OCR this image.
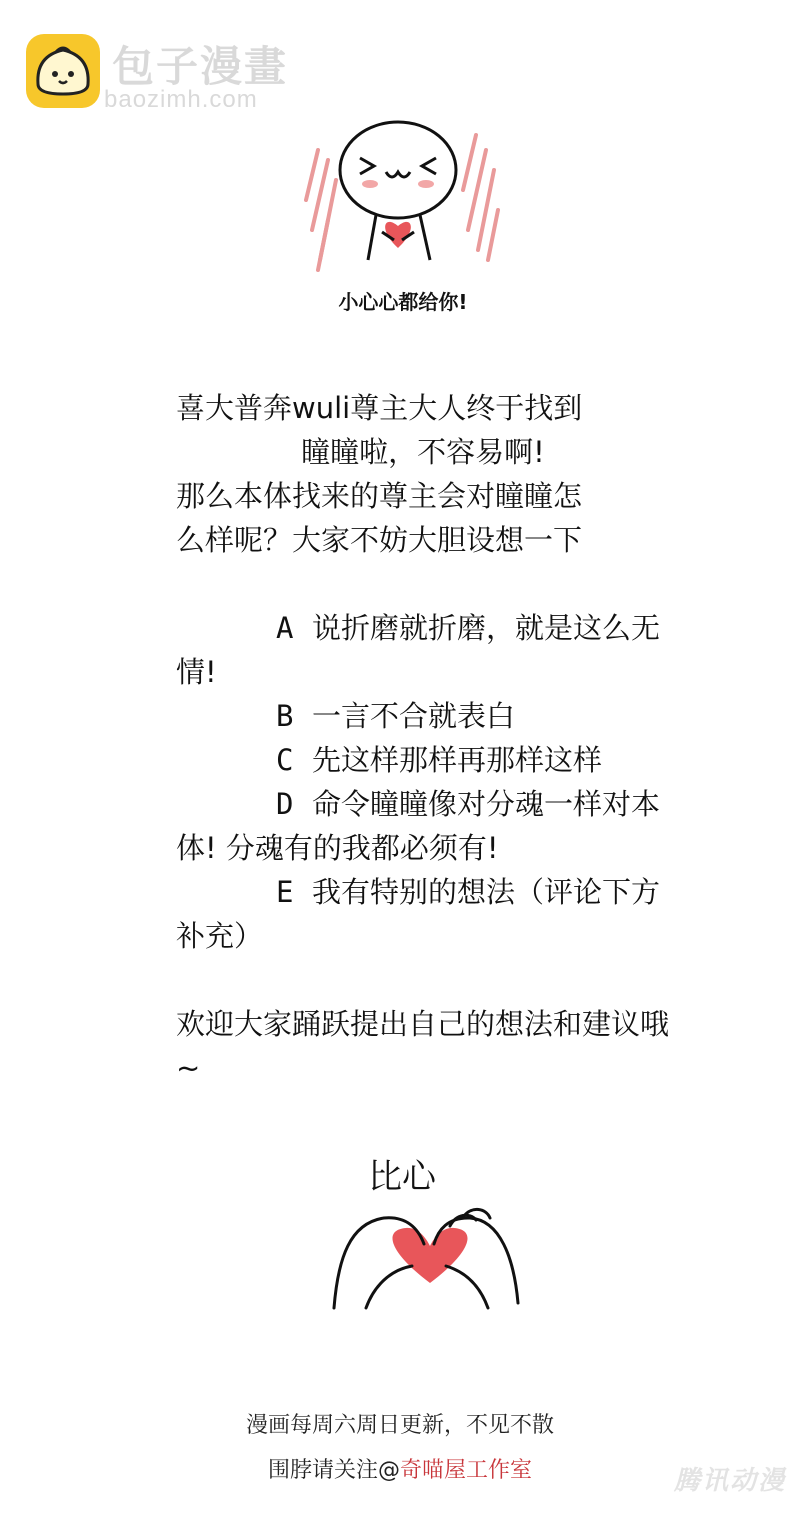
包子漫畫
baozimh.com
小心心都给你!
喜大普奔wuli尊主大人终于找到
瞳瞳啦，不容易啊!
那么本体找来的尊主会对瞳瞳怎
么样呢？大家不妨大胆设想一下
A 说折磨就折磨，就是这么无情!
B 一言不合就表白
C 先这样那样再那样这样
D 命令瞳瞳像对分魂一样对本体! 分魂有的我都必须有!
E 我有特别的想法（评论下方补充）
欢迎大家踊跃提出自己的想法和建议哦~
比心
漫画每周六周日更新，不见不散
围脖请关注@奇喵屋工作室	腾讯动漫
